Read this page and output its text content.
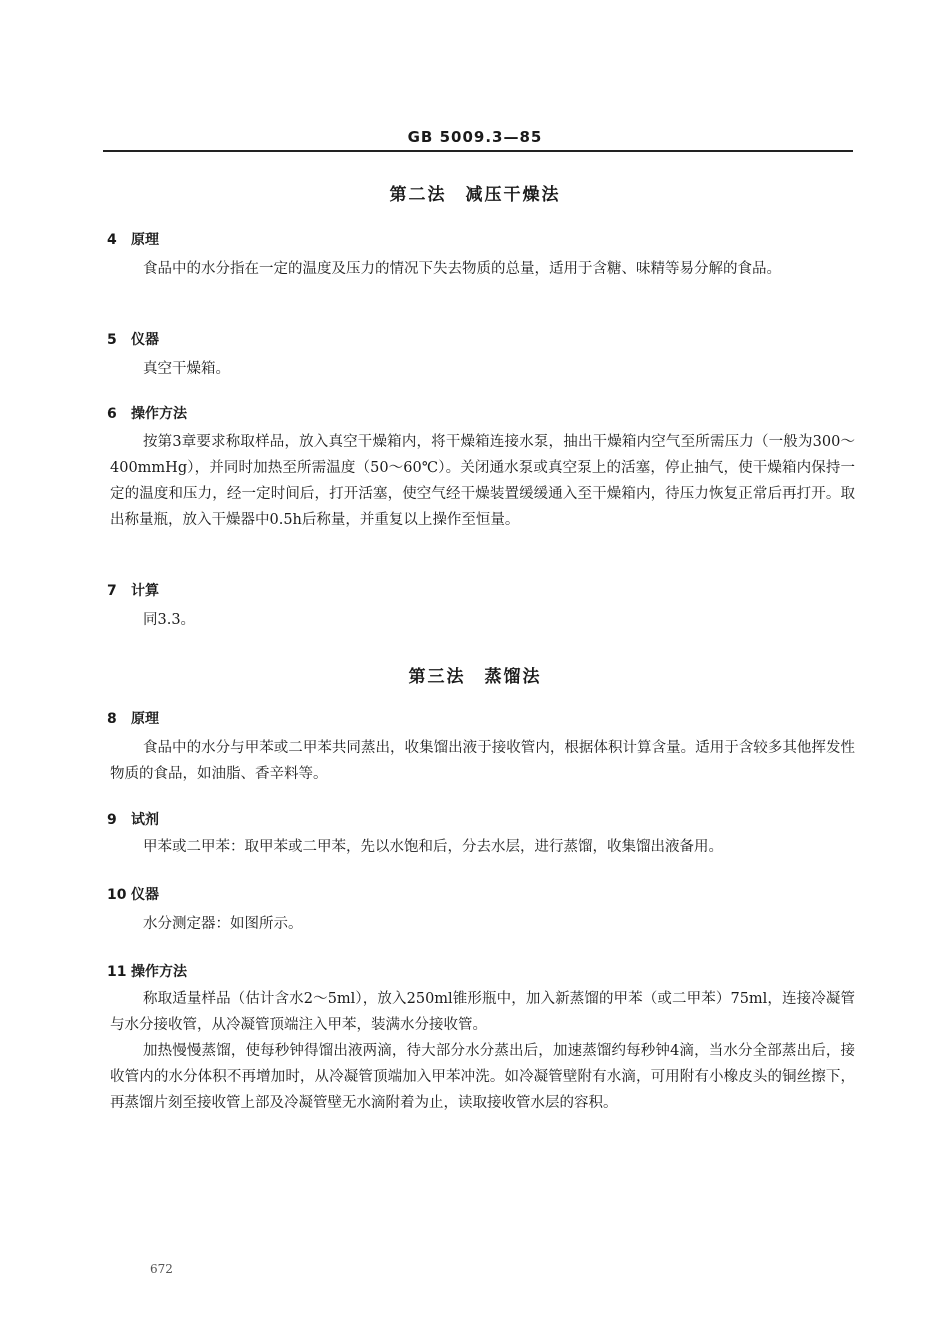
GB 5009.3—85
第二法　减压干燥法
4 原理
食品中的水分指在一定的温度及压力的情况下失去物质的总量，适用于含糖、味精等易分解的食品。
5 仪器
真空干燥箱。
6 操作方法
按第3章要求称取样品，放入真空干燥箱内，将干燥箱连接水泵，抽出干燥箱内空气至所需压力（一般为300～400mmHg），并同时加热至所需温度（50～60℃）。关闭通水泵或真空泵上的活塞，停止抽气，使干燥箱内保持一定的温度和压力，经一定时间后，打开活塞，使空气经干燥装置缓缓通入至干燥箱内，待压力恢复正常后再打开。取出称量瓶，放入干燥器中0.5h后称量，并重复以上操作至恒量。
7 计算
同3.3。
第三法　蒸馏法
8 原理
食品中的水分与甲苯或二甲苯共同蒸出，收集馏出液于接收管内，根据体积计算含量。适用于含较多其他挥发性物质的食品，如油脂、香辛料等。
9 试剂
甲苯或二甲苯：取甲苯或二甲苯，先以水饱和后，分去水层，进行蒸馏，收集馏出液备用。
10 仪器
水分测定器：如图所示。
11 操作方法
称取适量样品（估计含水2～5ml），放入250ml锥形瓶中，加入新蒸馏的甲苯（或二甲苯）75ml，连接冷凝管与水分接收管，从冷凝管顶端注入甲苯，装满水分接收管。
加热慢慢蒸馏，使每秒钟得馏出液两滴，待大部分水分蒸出后，加速蒸馏约每秒钟4滴，当水分全部蒸出后，接收管内的水分体积不再增加时，从冷凝管顶端加入甲苯冲洗。如冷凝管壁附有水滴，可用附有小橡皮头的铜丝擦下，再蒸馏片刻至接收管上部及冷凝管壁无水滴附着为止，读取接收管水层的容积。
672
